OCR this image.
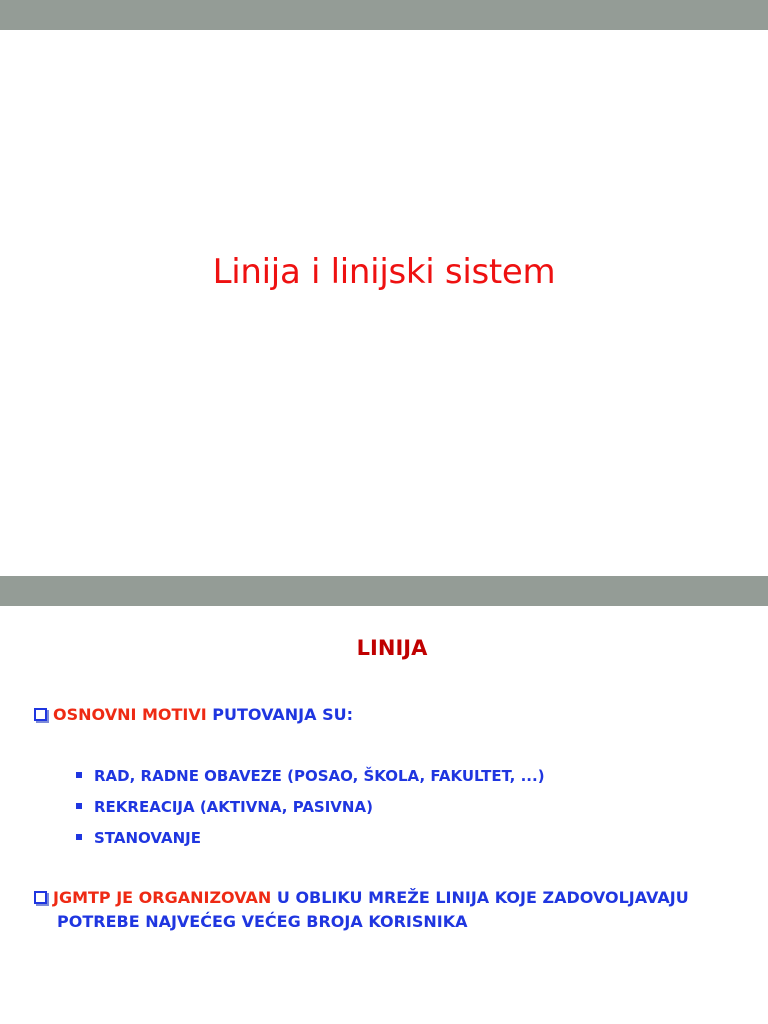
Linija i linijski sistem
LINIJA
OSNOVNI MOTIVI PUTOVANJA SU:
RAD, RADNE OBAVEZE (POSAO, ŠKOLA, FAKULTET, ...)
REKREACIJA (AKTIVNA, PASIVNA)
STANOVANJE
JGMTP JE ORGANIZOVAN U OBLIKU MREŽE LINIJA KOJE ZADOVOLJAVAJU
POTREBE NAJVEĆEG VEĆEG BROJA KORISNIKA
